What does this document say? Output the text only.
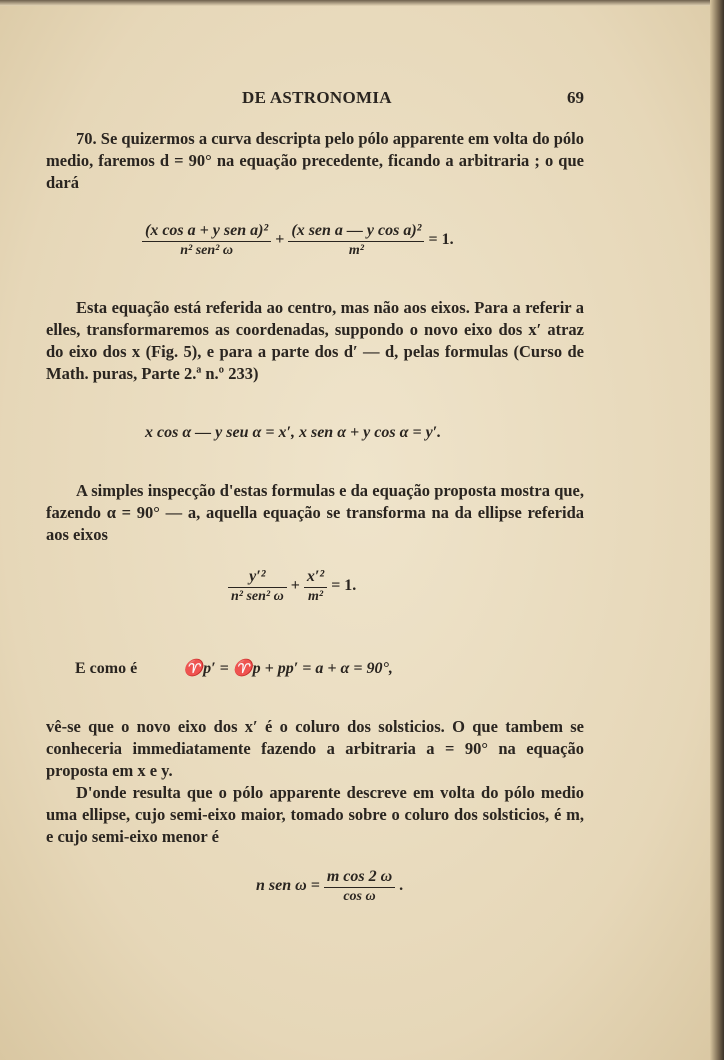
DE ASTRONOMIA	69
70. Se quizermos a curva descripta pelo pólo apparente em volta do pólo medio, faremos d = 90° na equação precedente, ficando a arbitraria ; o que dará
$\frac{\text{(x cos a + y sen a)²}}{\text{n² sen² ω}} + \frac{\text{(x sen a — y cos a)²}}{\text{m²}} = 1$.
Esta equação está referida ao centro, mas não aos eixos. Para a referir a elles, transformaremos as coordenadas, suppondo o novo eixo dos x′ atraz do eixo dos x (Fig. 5), e para a parte dos d′ — d, pelas formulas (Curso de Math. puras, Parte 2.ª n.º 233)
x cos α — y seu α = x′, x sen α + y cos α = y′.
A simples inspecção d'estas formulas e da equação proposta mostra que, fazendo α = 90° — a, aquella equação se transforma na da ellipse referida aos eixos
$\frac{\text{y′²}}{\text{n² sen² ω}} + \frac{\text{x′²}}{\text{m²}} = 1$.
E como é	♈p′ = ♈p + pp′ = a + α = 90°,
vê-se que o novo eixo dos x′ é o coluro dos solsticios. O que tambem se conheceria immediatamente fazendo a arbitraria a = 90° na equação proposta em x e y.
D'onde resulta que o pólo apparente descreve em volta do pólo medio uma ellipse, cujo semi-eixo maior, tomado sobre o coluro dos solsticios, é m, e cujo semi-eixo menor é
n sen $\omega = \frac{\text{m cos 2 ω}}{\text{cos ω}}$ .
